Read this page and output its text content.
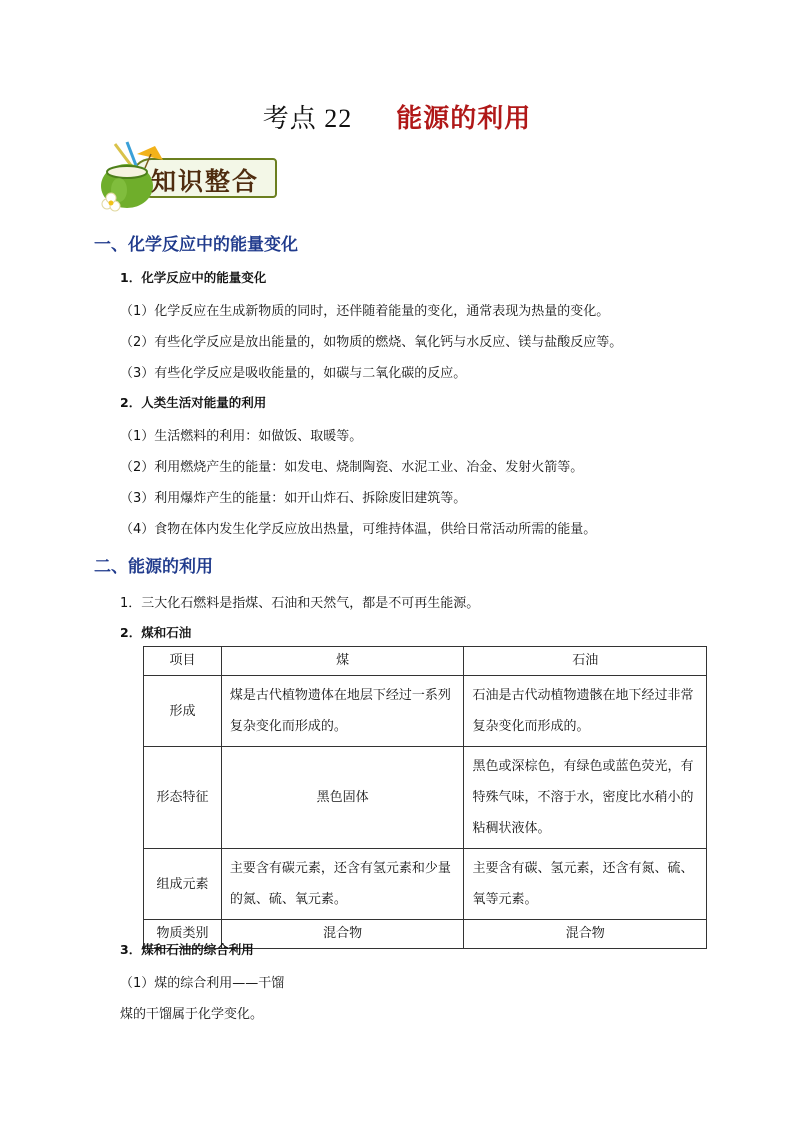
考点 22 能源的利用
知识整合
一、化学反应中的能量变化
1．化学反应中的能量变化
（1）化学反应在生成新物质的同时，还伴随着能量的变化，通常表现为热量的变化。
（2）有些化学反应是放出能量的，如物质的燃烧、氧化钙与水反应、镁与盐酸反应等。
（3）有些化学反应是吸收能量的，如碳与二氧化碳的反应。
2．人类生活对能量的利用
（1）生活燃料的利用：如做饭、取暖等。
（2）利用燃烧产生的能量：如发电、烧制陶瓷、水泥工业、冶金、发射火箭等。
（3）利用爆炸产生的能量：如开山炸石、拆除废旧建筑等。
（4）食物在体内发生化学反应放出热量，可维持体温，供给日常活动所需的能量。
二、能源的利用
1．三大化石燃料是指煤、石油和天然气，都是不可再生能源。
2．煤和石油
项目	煤	石油
形成	煤是古代植物遗体在地层下经过一系列复杂变化而形成的。	石油是古代动植物遗骸在地下经过非常复杂变化而形成的。
形态特征	黑色固体	黑色或深棕色，有绿色或蓝色荧光，有特殊气味，不溶于水，密度比水稍小的粘稠状液体。
组成元素	主要含有碳元素，还含有氢元素和少量的氮、硫、氧元素。	主要含有碳、氢元素，还含有氮、硫、氧等元素。
物质类别	混合物	混合物
3．煤和石油的综合利用
（1）煤的综合利用——干馏
煤的干馏属于化学变化。
